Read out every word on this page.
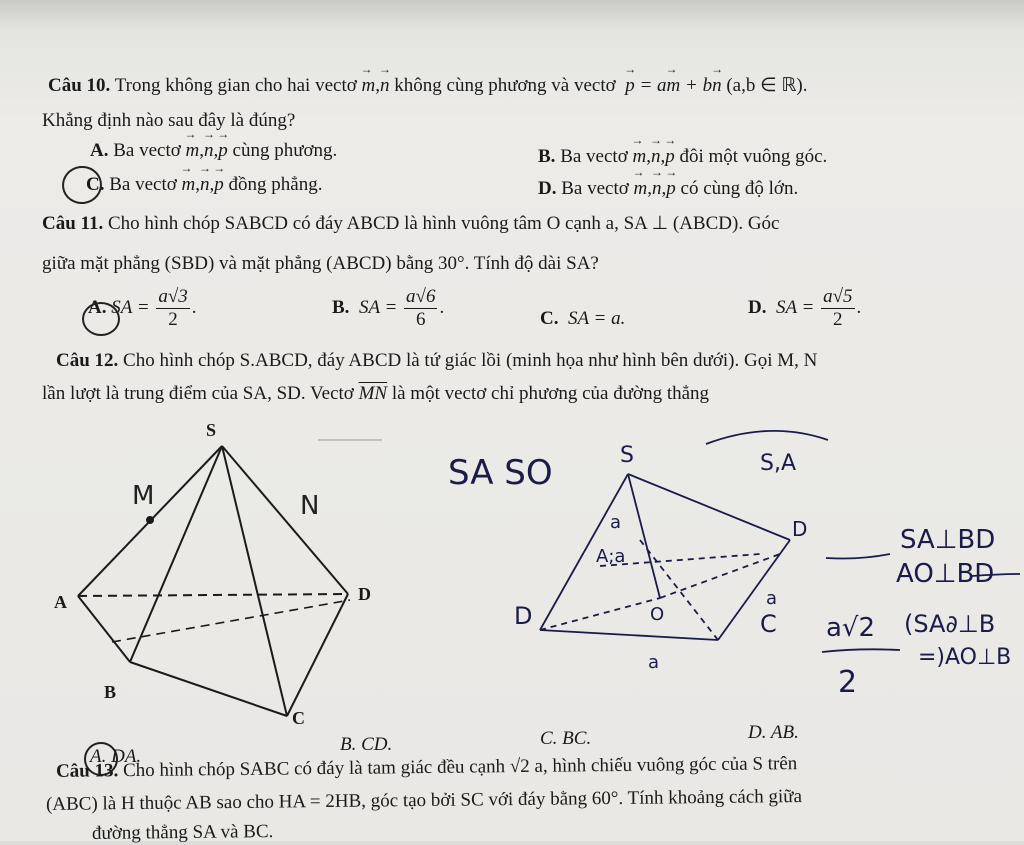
Câu 10. Trong không gian cho hai vectơ → m,→ n không cùng phương và vectơ → p = a→ m + b→ n (a,b ∈ ℝ).
Khẳng định nào sau đây là đúng?
A. Ba vectơ → m,→ n,→ p cùng phương.	B. Ba vectơ → m,→ n,→ p đôi một vuông góc.
C. Ba vectơ → m,→ n,→ p đồng phẳng.	D. Ba vectơ → m,→ n,→ p có cùng độ lớn.
Câu 11. Cho hình chóp SABCD có đáy ABCD là hình vuông tâm O cạnh a, SA ⊥ (ABCD). Góc
giữa mặt phẳng (SBD) và mặt phẳng (ABCD) bằng 30°. Tính độ dài SA?
A. SA = $\frac{a√3}{2}$ .	B. SA = $\frac{a√6}{6}$ .
C. SA = a.
D. SA = $\frac{a√5}{2}$ .
Câu 12. Cho hình chóp S.ABCD, đáy ABCD là tứ giác lồi (minh họa như hình bên dưới). Gọi M, N
lần lượt là trung điểm của SA, SD. Vectơ $\overline{MN}$ là một vectơ chỉ phương của đường thẳng
S
A	D
B
C
M	N
SA SO	S	S,A
a
A;a
D	O
a
C
a
D	SA⊥BD
AO⊥BD
a√2 (SA∂⊥B
=)AO⊥B
2
A. DA.
B. CD.	C. BC.	D. AB.
Câu 13. Cho hình chóp SABC có đáy là tam giác đều cạnh √2 a, hình chiếu vuông góc của S trên
(ABC) là H thuộc AB sao cho HA = 2HB, góc tạo bởi SC với đáy bằng 60°. Tính khoảng cách giữa
đường thẳng SA và BC.
